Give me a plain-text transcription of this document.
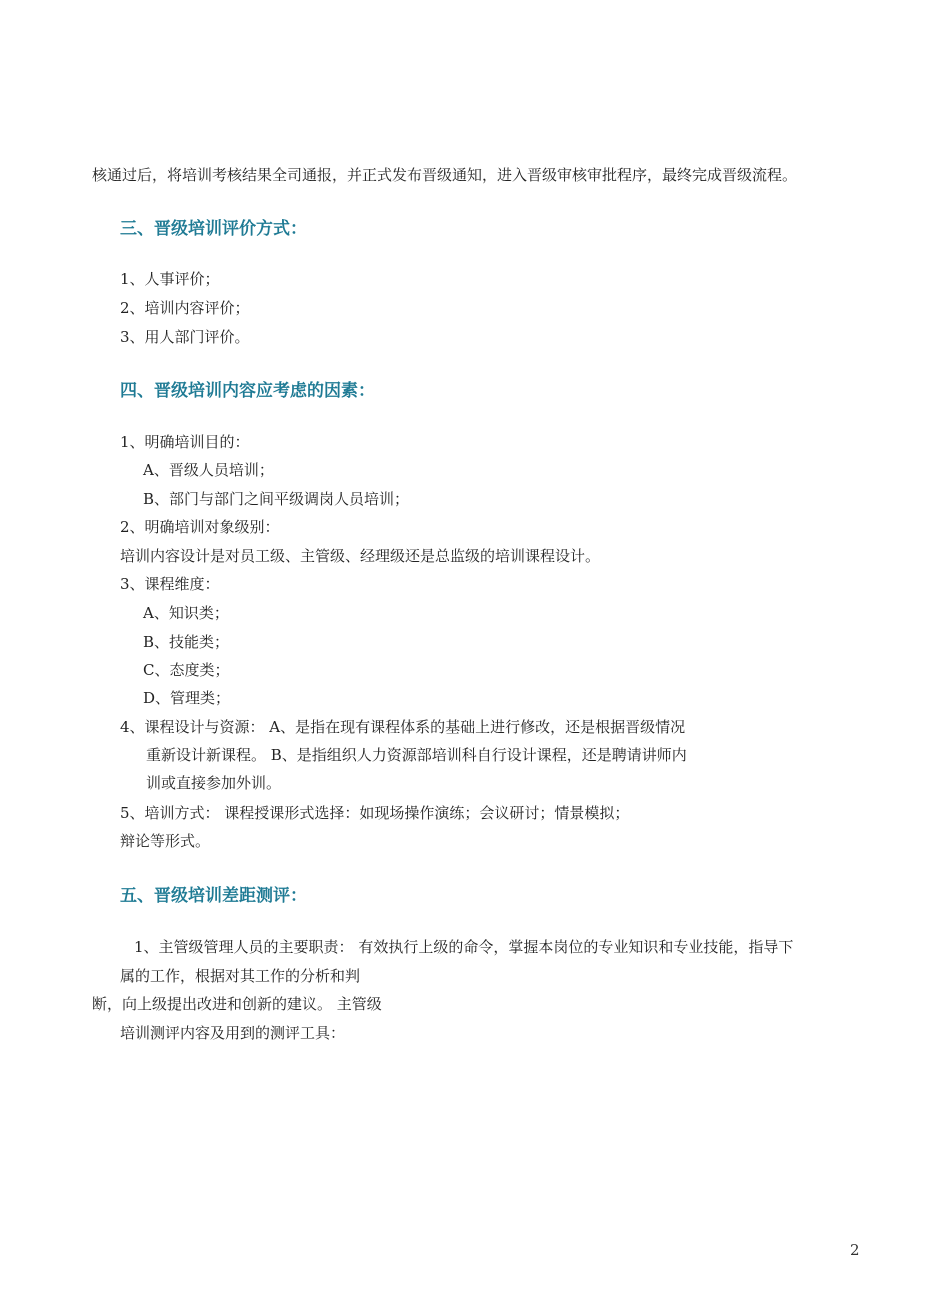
核通过后，将培训考核结果全司通报，并正式发布晋级通知，进入晋级审核审批程序，最终完成晋级流程。
三、晋级培训评价方式：
1、人事评价；
2、培训内容评价；
3、用人部门评价。
四、晋级培训内容应考虑的因素：
1、明确培训目的：
A、晋级人员培训；
B、部门与部门之间平级调岗人员培训；
2、明确培训对象级别：
培训内容设计是对员工级、主管级、经理级还是总监级的培训课程设计。
3、课程维度：
A、知识类；
B、技能类；
C、态度类；
D、管理类；
4、课程设计与资源： A、是指在现有课程体系的基础上进行修改，还是根据晋级情况
重新设计新课程。 B、是指组织人力资源部培训科自行设计课程，还是聘请讲师内
训或直接参加外训。
5、培训方式： 课程授课形式选择：如现场操作演练；会议研讨；情景模拟；
辩论等形式。
五、晋级培训差距测评：
1、主管级管理人员的主要职责： 有效执行上级的命令，掌握本岗位的专业知识和专业技能，指导下
属的工作，根据对其工作的分析和判
断，向上级提出改进和创新的建议。 主管级
培训测评内容及用到的测评工具：
2
